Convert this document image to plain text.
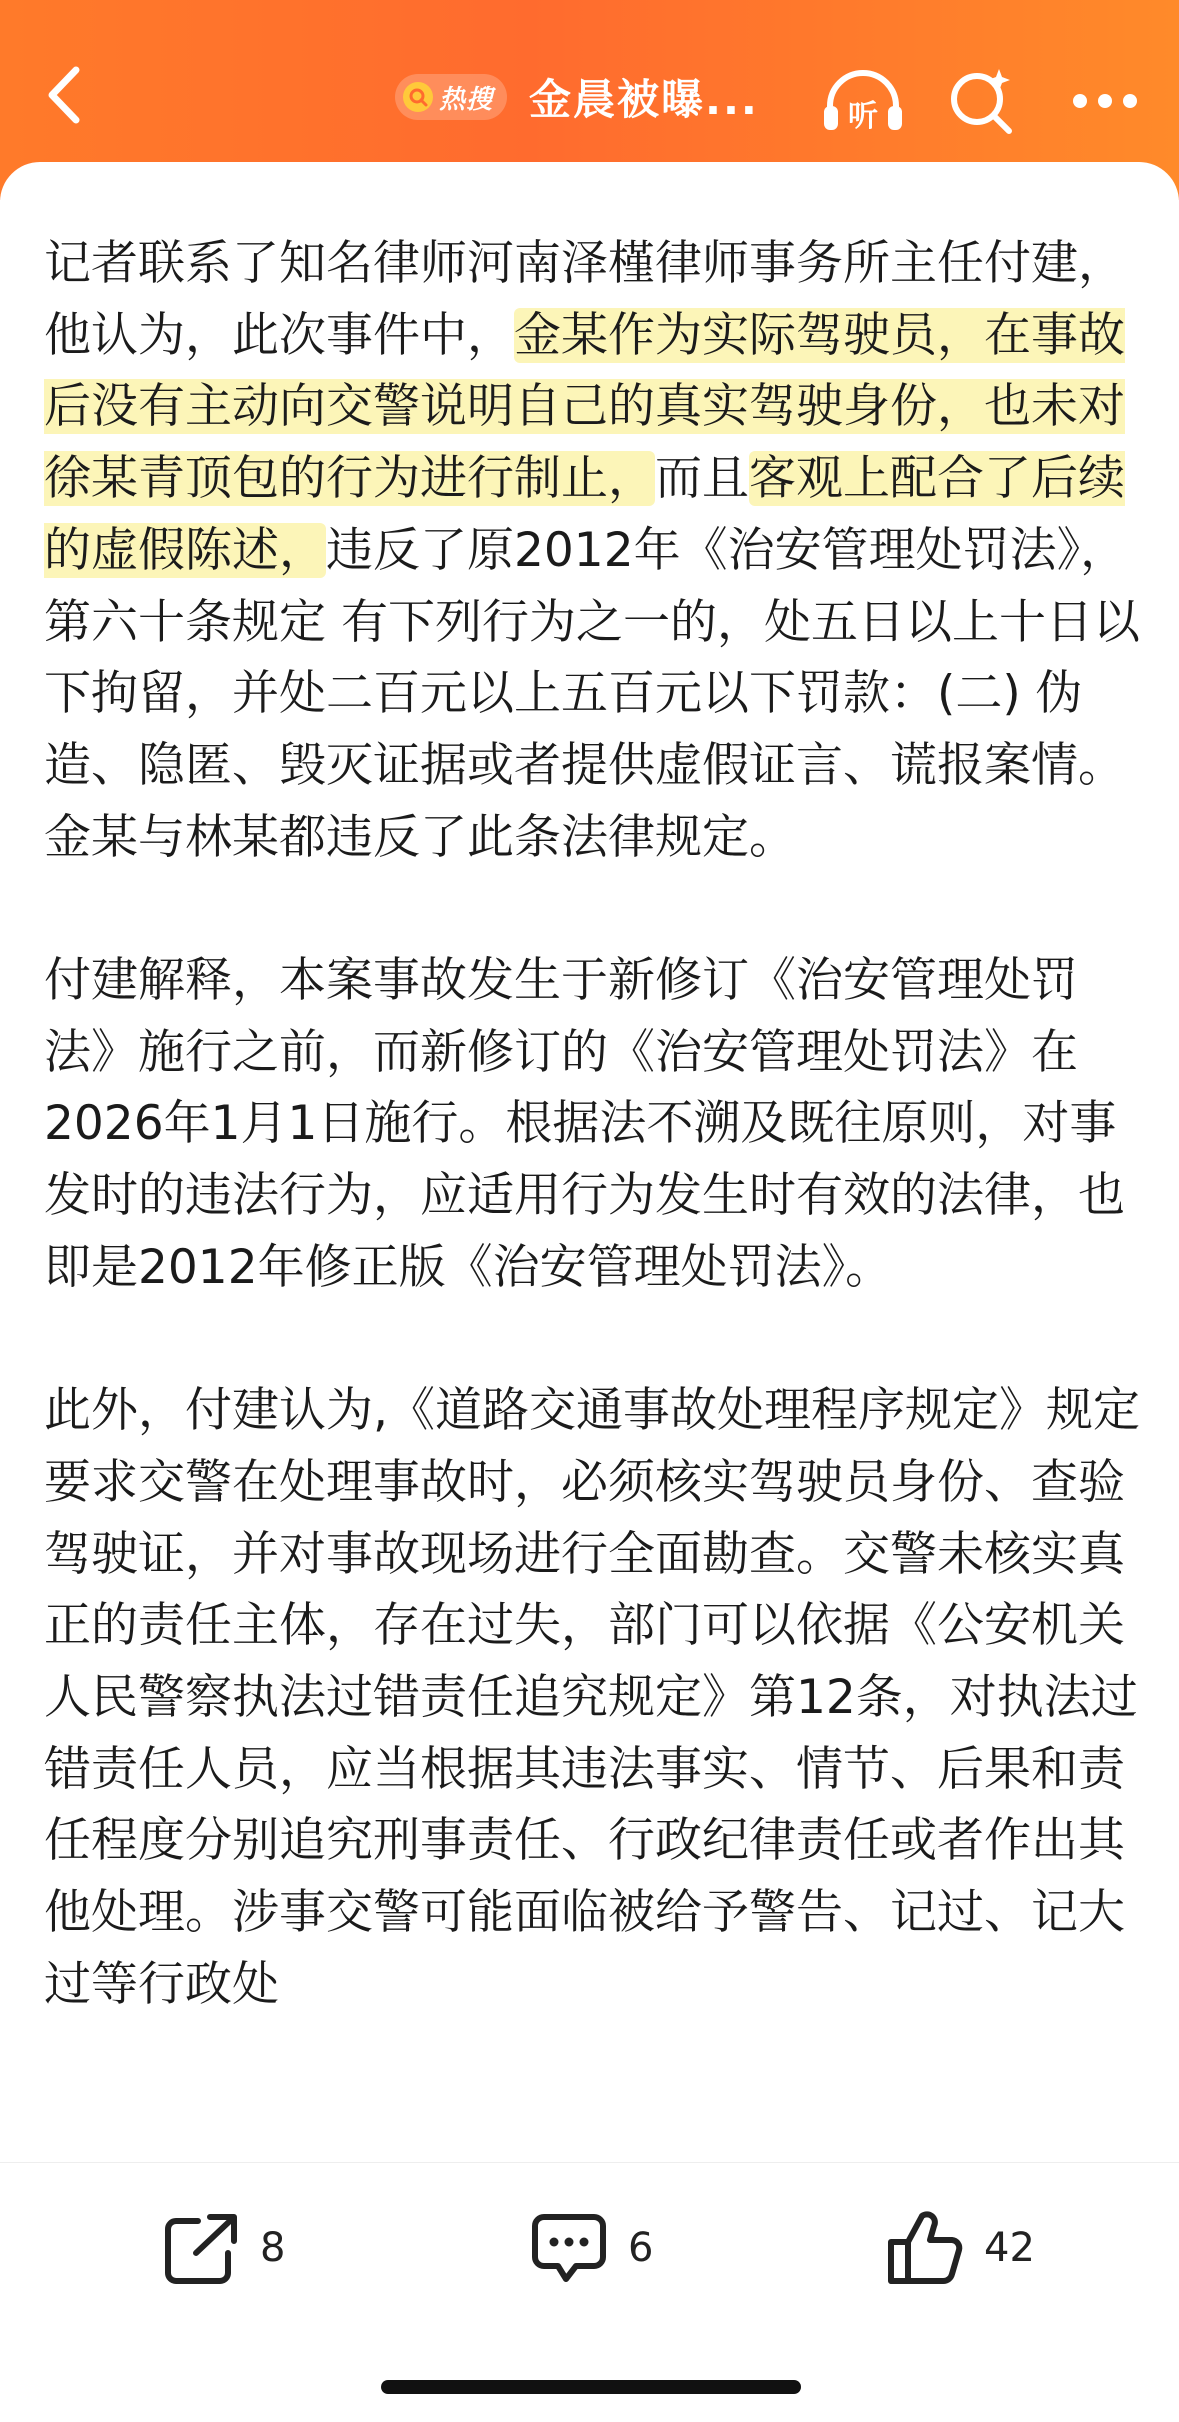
热搜 金晨被曝...	听

记者联系了知名律师河南泽槿律师事务所主任付建，他认为，此次事件中，金某作为实际驾驶员，在事故后没有主动向交警说明自己的真实驾驶身份，也未对徐某青顶包的行为进行制止，而且客观上配合了后续的虚假陈述，违反了原2012年《治安管理处罚法》，第六十条规定 有下列行为之一的，处五日以上十日以下拘留，并处二百元以上五百元以下罚款：(二) 伪造、隐匿、毁灭证据或者提供虚假证言、谎报案情。金某与林某都违反了此条法律规定。

付建解释，本案事故发生于新修订《治安管理处罚法》施行之前，而新修订的《治安管理处罚法》在2026年1月1日施行。根据法不溯及既往原则，对事发时的违法行为，应适用行为发生时有效的法律，也即是2012年修正版《治安管理处罚法》。

此外，付建认为,《道路交通事故处理程序规定》规定要求交警在处理事故时，必须核实驾驶员身份、查验驾驶证，并对事故现场进行全面勘查。交警未核实真正的责任主体，存在过失，部门可以依据《公安机关人民警察执法过错责任追究规定》第12条，对执法过错责任人员，应当根据其违法事实、情节、后果和责任程度分别追究刑事责任、行政纪律责任或者作出其他处理。涉事交警可能面临被给予警告、记过、记大过等行政处

8	6	42
